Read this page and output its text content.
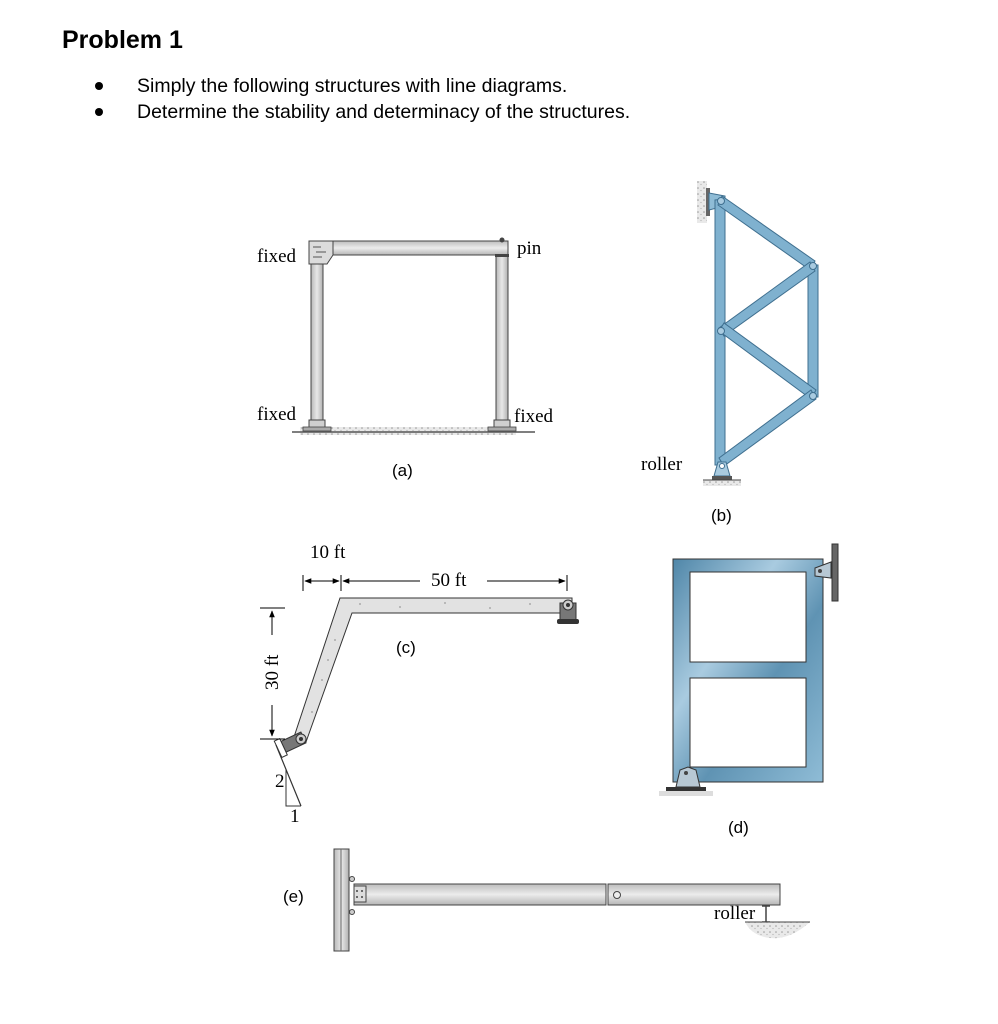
Problem 1
Simply the following structures with line diagrams.
Determine the stability and determinacy of the structures.
fixed	pin
fixed	fixed
(a)	roller
(b)
2
1
10 ft
50 ft
30 ft
(c)
(d)
roller
(e)
